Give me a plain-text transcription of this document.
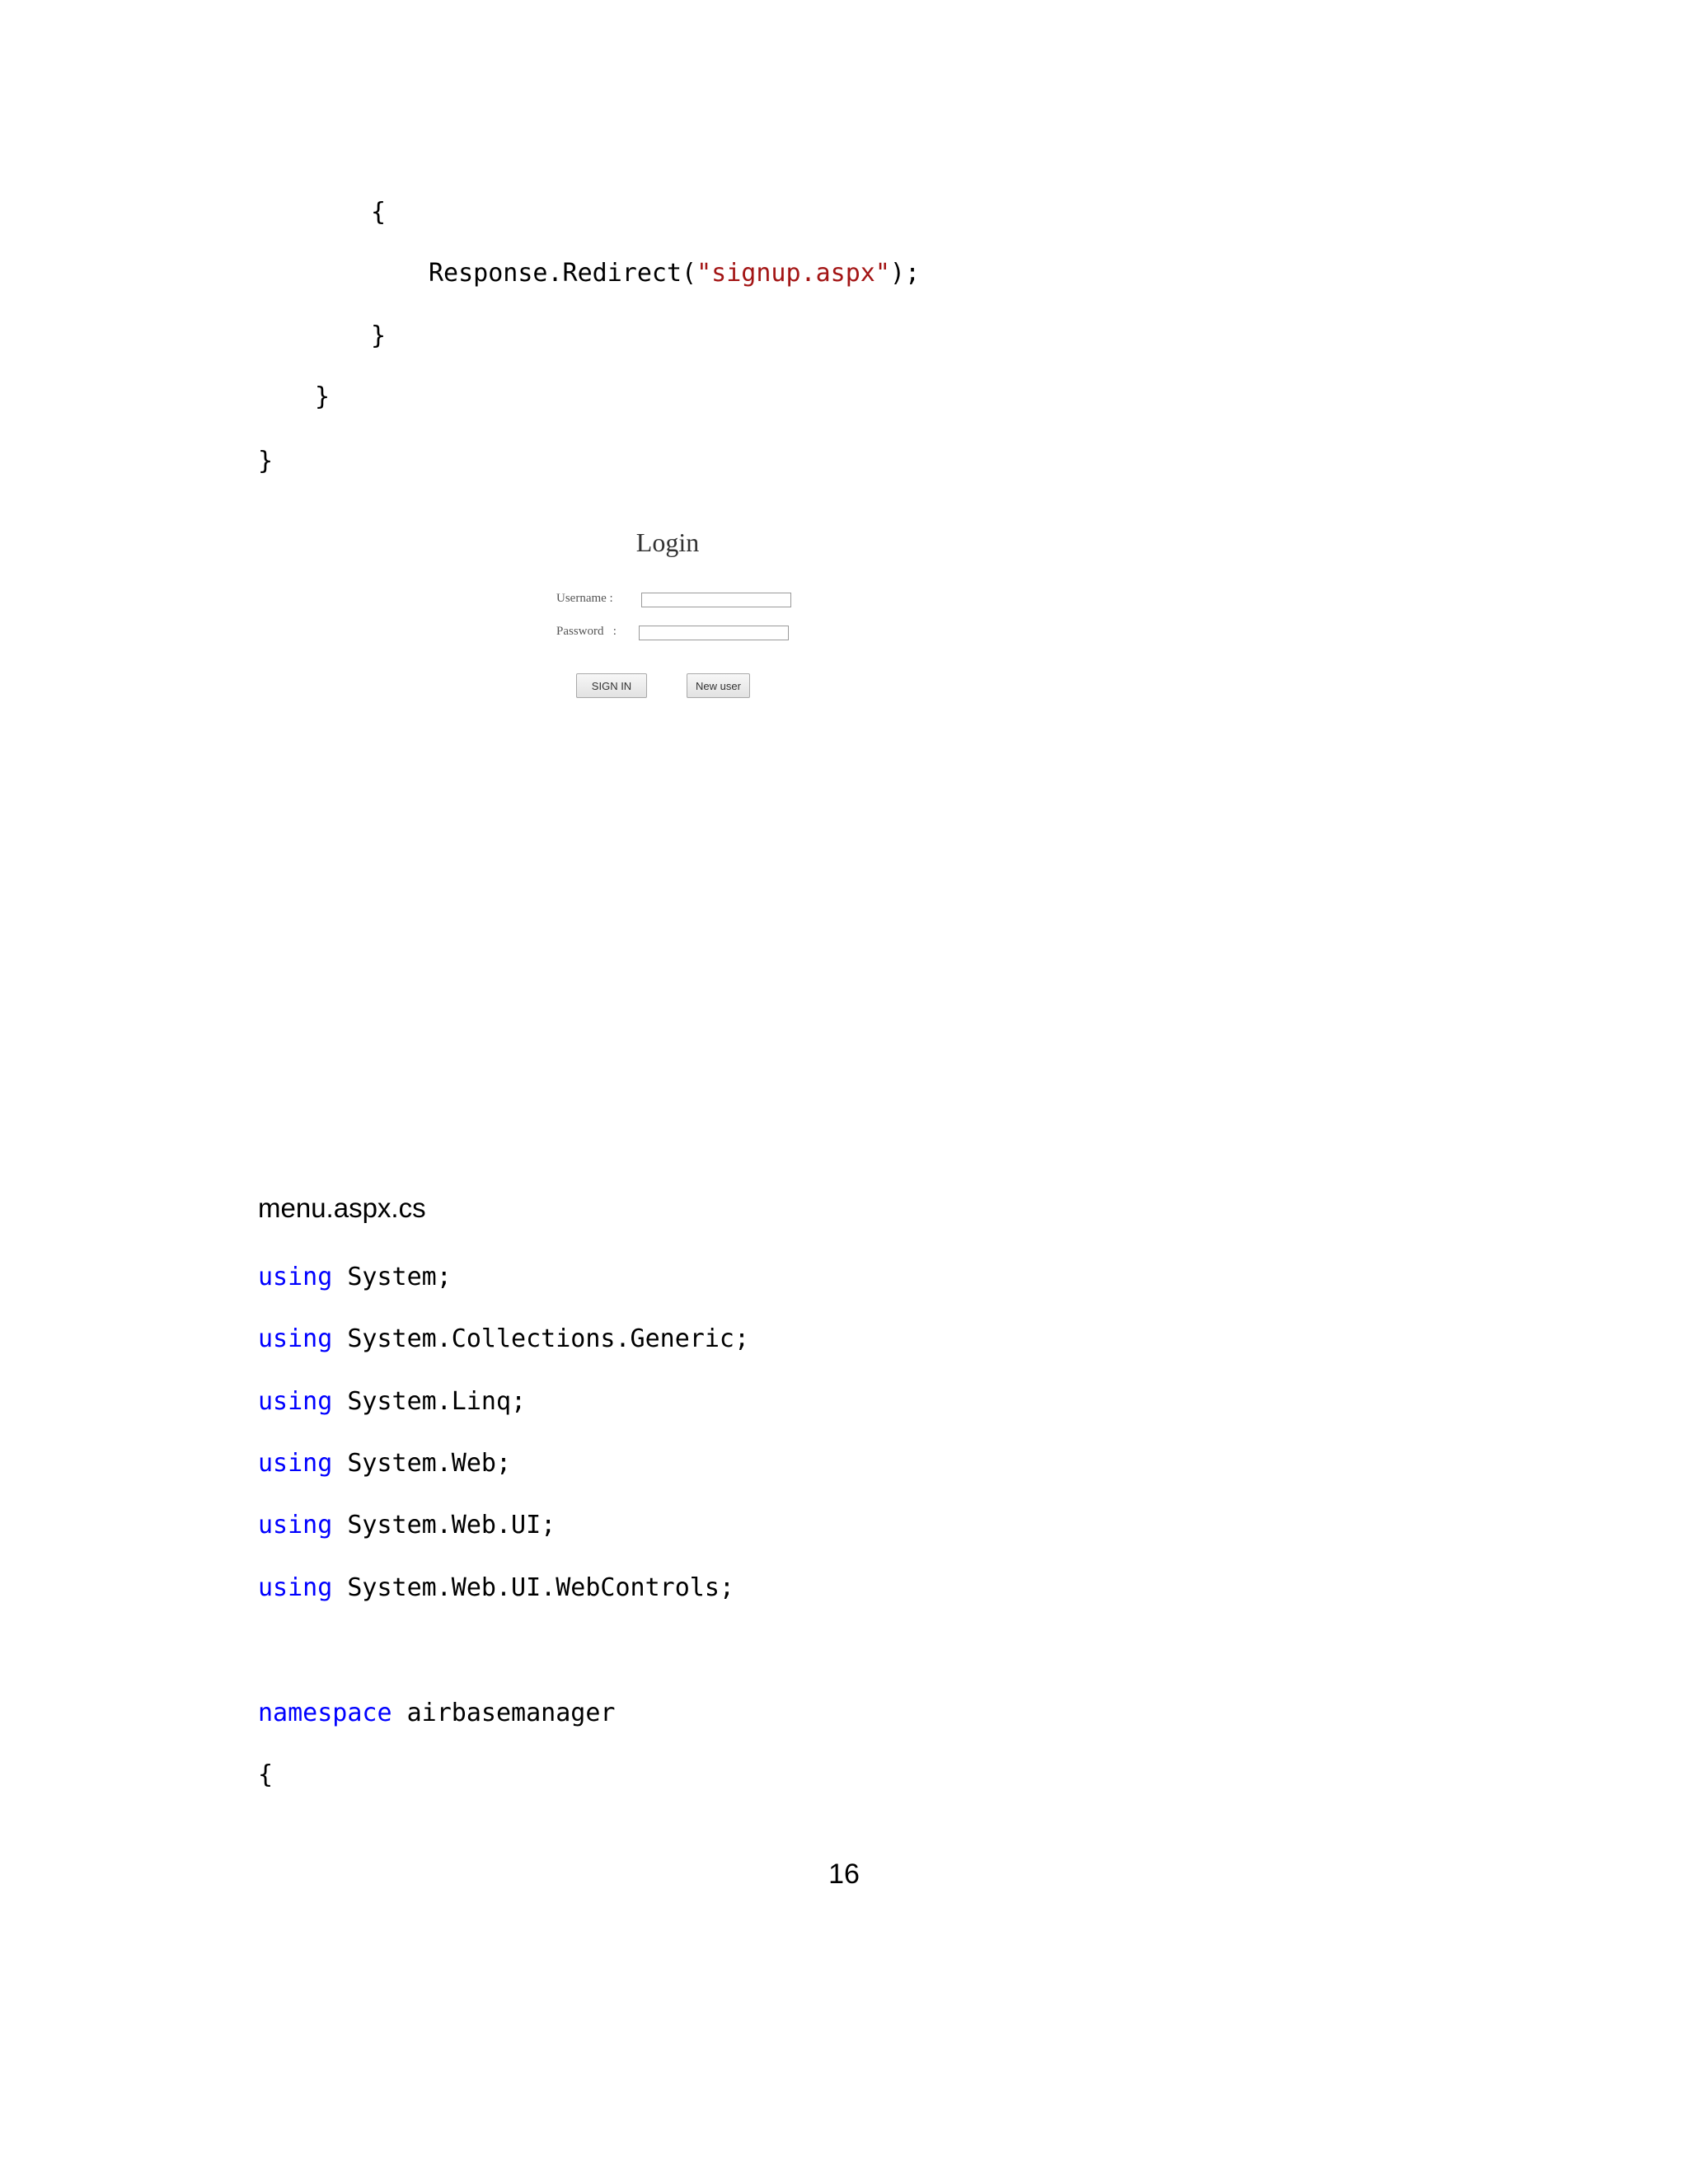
{
Response.Redirect("signup.aspx");
}
}
}
Login
Username :
Password   :
SIGN IN	New user
menu.aspx.cs
using System;
using System.Collections.Generic;
using System.Linq;
using System.Web;
using System.Web.UI;
using System.Web.UI.WebControls;
namespace airbasemanager
{
16
